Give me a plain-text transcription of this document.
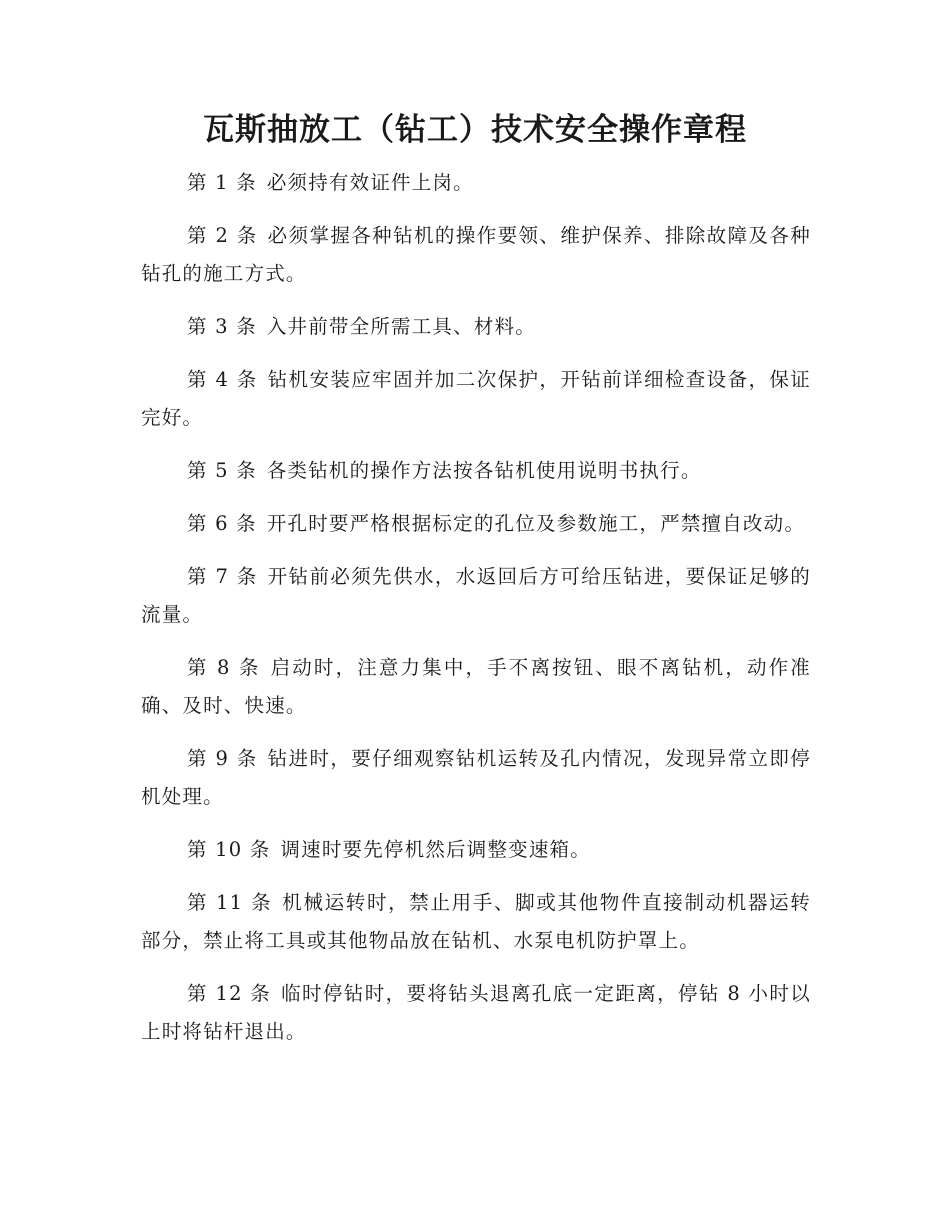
瓦斯抽放工（钻工）技术安全操作章程
第 1 条 必须持有效证件上岗。
第 2 条 必须掌握各种钻机的操作要领、维护保养、排除故障及各种钻孔的施工方式。
第 3 条 入井前带全所需工具、材料。
第 4 条 钻机安装应牢固并加二次保护，开钻前详细检查设备，保证完好。
第 5 条 各类钻机的操作方法按各钻机使用说明书执行。
第 6 条 开孔时要严格根据标定的孔位及参数施工，严禁擅自改动。
第 7 条 开钻前必须先供水，水返回后方可给压钻进，要保证足够的流量。
第 8 条 启动时，注意力集中，手不离按钮、眼不离钻机，动作准确、及时、快速。
第 9 条 钻进时，要仔细观察钻机运转及孔内情况，发现异常立即停机处理。
第 10 条 调速时要先停机然后调整变速箱。
第 11 条 机械运转时，禁止用手、脚或其他物件直接制动机器运转部分，禁止将工具或其他物品放在钻机、水泵电机防护罩上。
第 12 条 临时停钻时，要将钻头退离孔底一定距离，停钻 8 小时以上时将钻杆退出。
